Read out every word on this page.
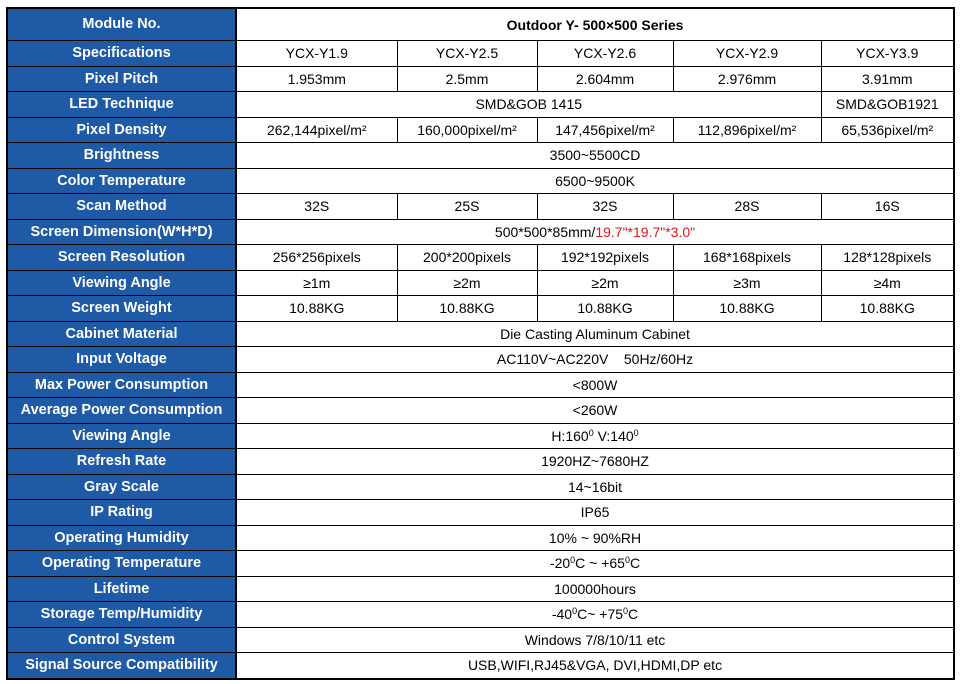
Module No.	Outdoor Y- 500×500 Series				
Specifications	YCX-Y1.9	YCX-Y2.5	YCX-Y2.6	YCX-Y2.9	YCX-Y3.9
Pixel Pitch	1.953mm	2.5mm	2.604mm	2.976mm	3.91mm
LED Technique	SMD&GOB 1415				SMD&GOB1921
Pixel Density	262,144pixel/m²	160,000pixel/m²	147,456pixel/m²	112,896pixel/m²	65,536pixel/m²
Brightness	3500~5500CD				
Color Temperature	6500~9500K				
Scan Method	32S	25S	32S	28S	16S
Screen Dimension(W*H*D)	500*500*85mm/19.7"*19.7"*3.0"				
Screen Resolution	256*256pixels	200*200pixels	192*192pixels	168*168pixels	128*128pixels
Viewing Angle	≥1m	≥2m	≥2m	≥3m	≥4m
Screen Weight	10.88KG	10.88KG	10.88KG	10.88KG	10.88KG
Cabinet Material	Die Casting Aluminum Cabinet				
Input Voltage	AC110V~AC220V    50Hz/60Hz				
Max Power Consumption	<800W				
Average Power Consumption	<260W				
Viewing Angle	$H:160^0$ $V:140^0$
Refresh Rate	1920HZ~7680HZ				
Gray Scale	14~16bit				
IP Rating	IP65				
Operating Humidity	10% ~ 90%RH				
Operating Temperature	$-20^0C$ ~ $+65^0C$				
Lifetime	100000hours				
Storage Temp/Humidity	$-40^0C\sim +75^0C$				
Control System	Windows 7/8/10/11 etc				
Signal Source Compatibility	USB,WIFI,RJ45&VGA, DVI,HDMI,DP etc				
